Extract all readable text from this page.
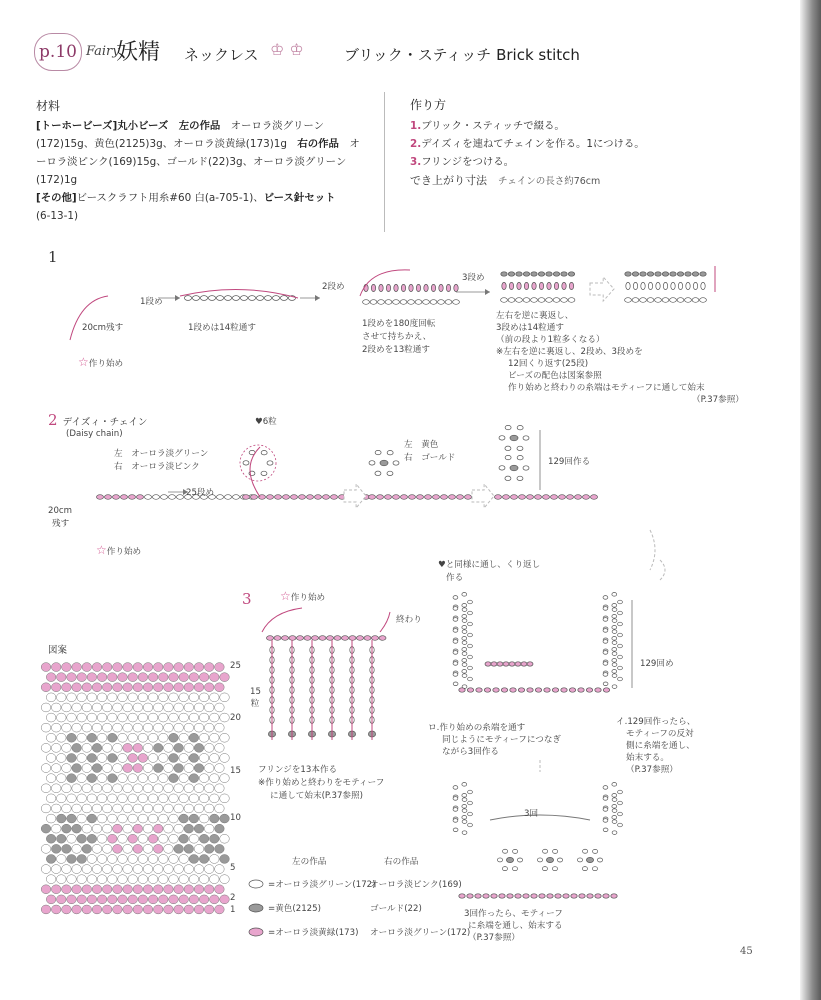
p.10 Fairy
妖精 ネックレス ♔ ♔	ブリック・スティッチ Brick stitch
材料
[トーホービーズ]丸小ビーズ　 左の作品　 オーロラ淡グリーン(172)15g、黄色(2125)3g、オーロラ淡黄緑(173)1g　 右の作品　 オーロラ淡ピンク(169)15g、ゴールド(22)3g、オーロラ淡グリーン(172)1g
[その他]ビースクラフト用糸#60 白(a-705-1)、ビース針セット
(6-13-1)
作り方
1.ブリック・スティッチで綴る。
2.デイズィを連ねてチェインを作る。1につける。
3.フリンジをつける。
でき上がり寸法　 チェインの長さ約76cm
1
1段め
1段めは14粒通す
20cm残す
☆作り始め
2段め
1段めを180度回転
させて持ちかえ、
2段めを13粒通す
3段め
左右を逆に裏返し、
3段めは14粒通す
（前の段より1粒多くなる）
※左右を逆に裏返し、2段め、3段めを
12回くり返す(25段)
ビーズの配色は図案参照
作り始めと終わりの糸端はモティーフに通して始末
（P.37参照）
2 デイズィ・チェイン
(Daisy chain)
左　オーロラ淡グリーン
右　オーロラ淡ピンク
25段め
20cm
残す
☆作り始め
♥6粒
左　黄色
右　ゴールド	129回作る
3 ☆作り始め
終わり
15粒
フリンジを13本作る
※作り始めと終わりをモティーフ
に通して始末(P.37参照)
図案
25
20
15
10
5
2
1
左の作品	右の作品
=オーロラ淡グリーン(172)
オーロラ淡ピンク(169)
=黄色(2125)	ゴールド(22)
=オーロラ淡黄緑(173) オーロラ淡グリーン(172)
♥と同様に通し、くり返し
作る
129回め
イ.129回作ったら、
モティーフの反対
側に糸端を通し、
始末する。
（P.37参照）
ロ.作り始めの糸端を通す
同じようにモティーフにつなぎ
ながら3回作る
3回
3回作ったら、モティーフ
に糸端を通し、始末する
（P.37参照）
45
